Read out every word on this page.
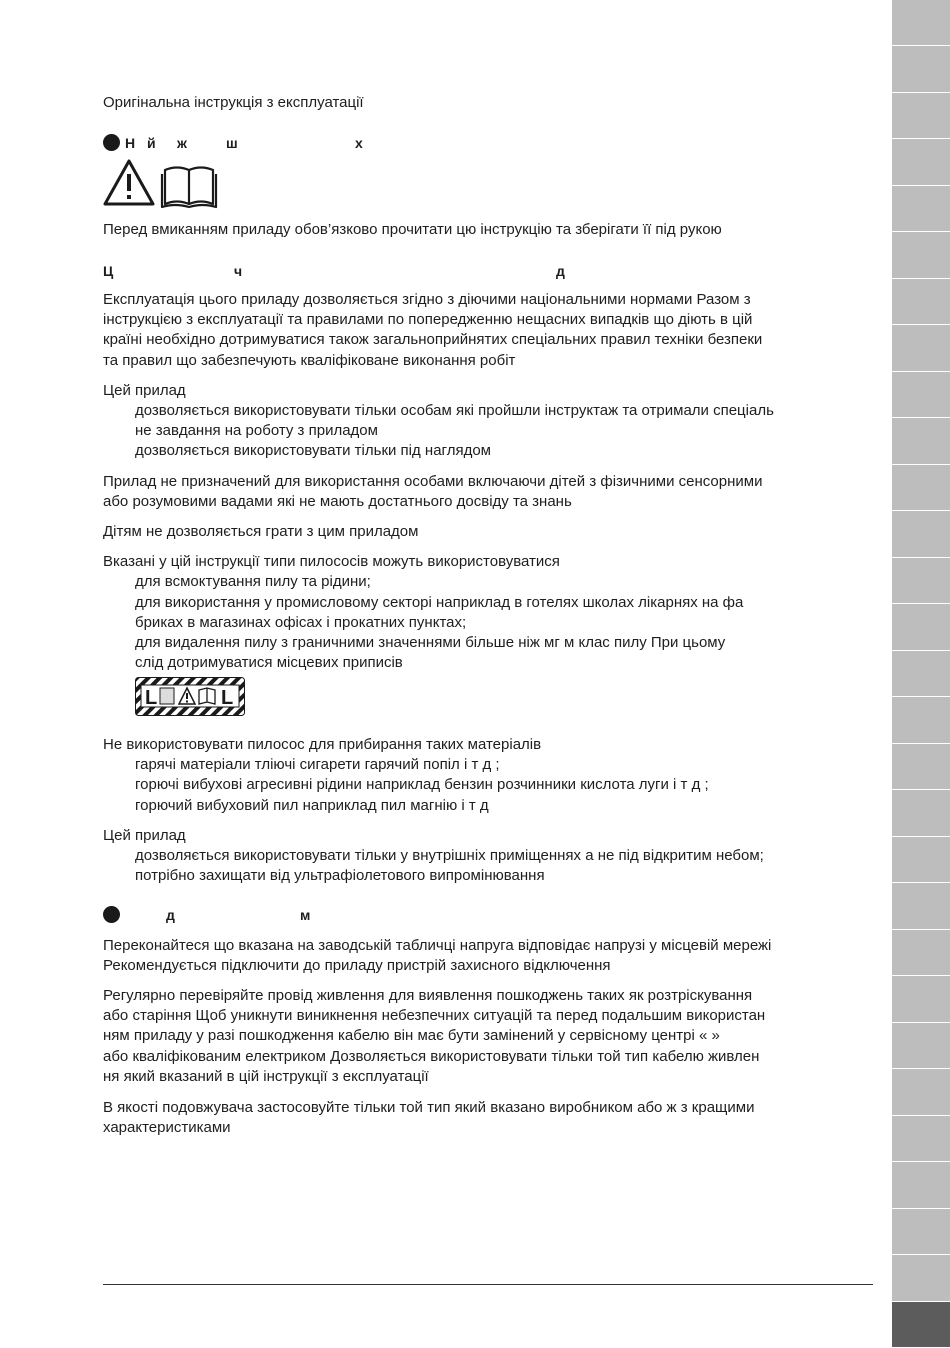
Оригінальна інструкція з експлуатації
Н й ж	ш	х
Перед вмиканням приладу обов’язково прочитати цю інструкцію та зберігати її під рукою
Ц	ч	д
Експлуатація цього приладу дозволяється згідно з діючими національними нормами Разом з
інструкцією з експлуатації та правилами по попередженню нещасних випадків що діють в цій
країні необхідно дотримуватися також загальноприйнятих спеціальних правил техніки безпеки
та правил що забезпечують кваліфіковане виконання робіт
Цей прилад
дозволяється використовувати тільки особам які пройшли інструктаж та отримали спеціаль
не завдання на роботу з приладом
дозволяється використовувати тільки під наглядом
Прилад не призначений для використання особами включаючи дітей з фізичними сенсорними
або розумовими вадами які не мають достатнього досвіду та знань
Дітям не дозволяється грати з цим приладом
Вказані у цій інструкції типи пилососів можуть використовуватися
для всмоктування пилу та рідини;
для використання у промисловому секторі наприклад в готелях школах лікарнях на фа
бриках в магазинах офісах і прокатних пунктах;
для видалення пилу з граничними значеннями більше ніж мг м клас пилу При цьому
слід дотримуватися місцевих приписів
L	L
Не використовувати пилосос для прибирання таких матеріалів
гарячі матеріали тліючі сигарети гарячий попіл і т д ;
горючі вибухові агресивні рідини наприклад бензин розчинники кислота луги і т д ;
горючий вибуховий пил наприклад пил магнію і т д
Цей прилад
дозволяється використовувати тільки у внутрішніх приміщеннях а не під відкритим небом;
потрібно захищати від ультрафіолетового випромінювання
д	м
Переконайтеся що вказана на заводській табличці напруга відповідає напрузі у місцевій мережі
Рекомендується підключити до приладу пристрій захисного відключення
Регулярно перевіряйте провід живлення для виявлення пошкоджень таких як розтріскування
або старіння Щоб уникнути виникнення небезпечних ситуацій та перед подальшим використан
ням приладу у разі пошкодження кабелю він має бути замінений у сервісному центрі « »
або кваліфікованим електриком Дозволяється використовувати тільки той тип кабелю живлен
ня який вказаний в цій інструкції з експлуатації
В якості подовжувача застосовуйте тільки той тип який вказано виробником або ж з кращими
характеристиками
